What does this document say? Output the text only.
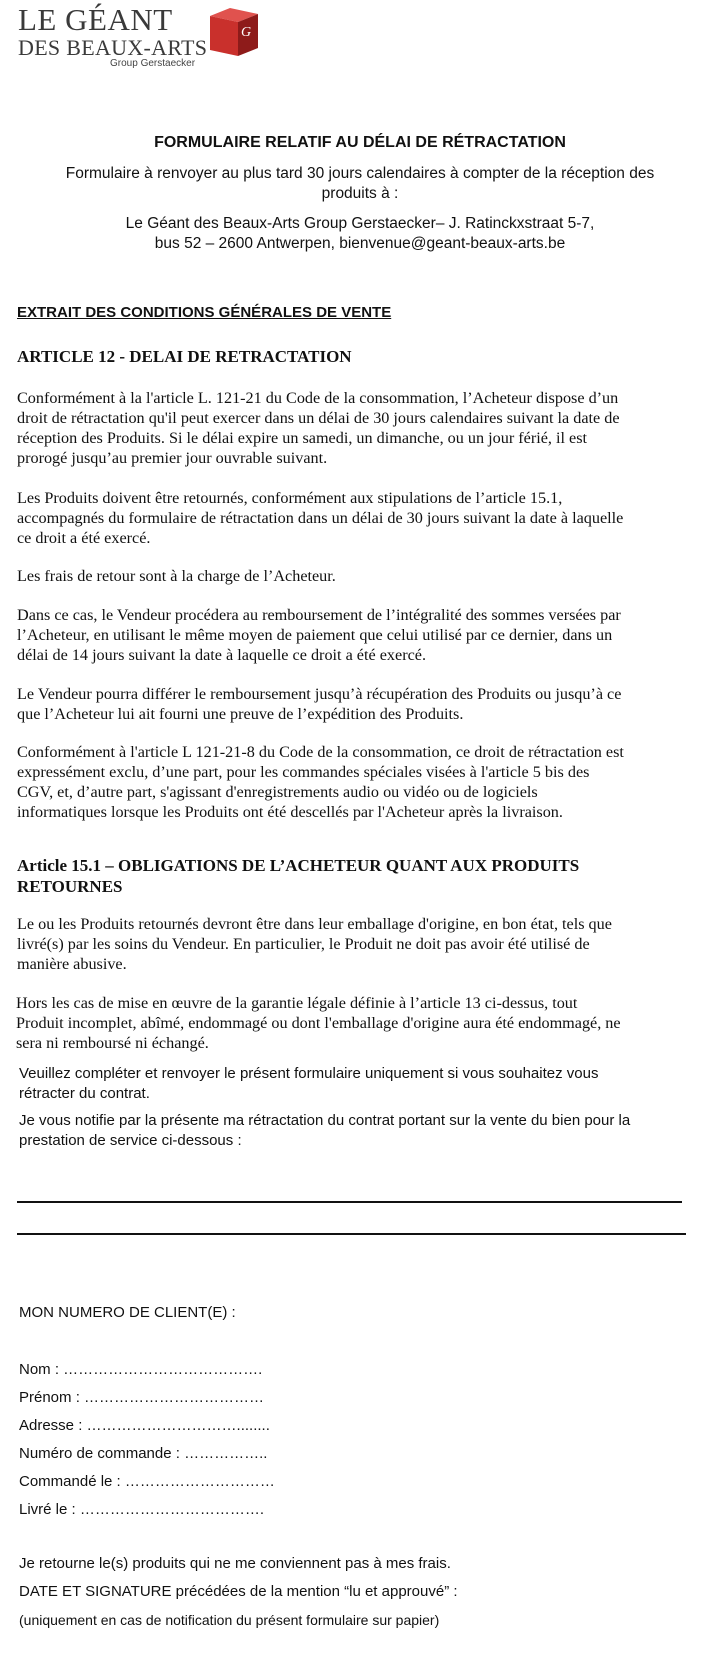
LE GÉANT
DES BEAUX-ARTS
Group Gerstaecker
G
FORMULAIRE RELATIF AU DÉLAI DE RÉTRACTATION
Formulaire à renvoyer au plus tard 30 jours calendaires à compter de la réception des
produits à :
Le Géant des Beaux-Arts Group Gerstaecker– J. Ratinckxstraat 5-7,
bus 52 – 2600 Antwerpen, bienvenue@geant-beaux-arts.be
EXTRAIT DES CONDITIONS GÉNÉRALES DE VENTE
ARTICLE 12 - DELAI DE RETRACTATION
Conformément à la l'article L. 121-21 du Code de la consommation, l’Acheteur dispose d’un
droit de rétractation qu'il peut exercer dans un délai de 30 jours calendaires suivant la date de
réception des Produits. Si le délai expire un samedi, un dimanche, ou un jour férié, il est
prorogé jusqu’au premier jour ouvrable suivant.
Les Produits doivent être retournés, conformément aux stipulations de l’article 15.1,
accompagnés du formulaire de rétractation dans un délai de 30 jours suivant la date à laquelle
ce droit a été exercé.
Les frais de retour sont à la charge de l’Acheteur.
Dans ce cas, le Vendeur procédera au remboursement de l’intégralité des sommes versées par
l’Acheteur, en utilisant le même moyen de paiement que celui utilisé par ce dernier, dans un
délai de 14 jours suivant la date à laquelle ce droit a été exercé.
Le Vendeur pourra différer le remboursement jusqu’à récupération des Produits ou jusqu’à ce
que l’Acheteur lui ait fourni une preuve de l’expédition des Produits.
Conformément à l'article L 121-21-8 du Code de la consommation, ce droit de rétractation est
expressément exclu, d’une part, pour les commandes spéciales visées à l'article 5 bis des
CGV, et, d’autre part, s'agissant d'enregistrements audio ou vidéo ou de logiciels
informatiques lorsque les Produits ont été descellés par l'Acheteur après la livraison.
Article 15.1 – OBLIGATIONS DE L’ACHETEUR QUANT AUX PRODUITS
RETOURNES
Le ou les Produits retournés devront être dans leur emballage d'origine, en bon état, tels que
livré(s) par les soins du Vendeur. En particulier, le Produit ne doit pas avoir été utilisé de
manière abusive.
Hors les cas de mise en œuvre de la garantie légale définie à l’article 13 ci-dessus, tout
Produit incomplet, abîmé, endommagé ou dont l'emballage d'origine aura été endommagé, ne
sera ni remboursé ni échangé.
Veuillez compléter et renvoyer le présent formulaire uniquement si vous souhaitez vous
rétracter du contrat.
Je vous notifie par la présente ma rétractation du contrat portant sur la vente du bien pour la
prestation de service ci-dessous :
MON NUMERO DE CLIENT(E) :
Nom : ………………………………….
Prénom : ………………………………
Adresse : …………………………........
Numéro de commande : ……………..
Commandé le : …………………………
Livré le : ……………………………….
Je retourne le(s) produits qui ne me conviennent pas à mes frais.
DATE ET SIGNATURE précédées de la mention “lu et approuvé” :
(uniquement en cas de notification du présent formulaire sur papier)
